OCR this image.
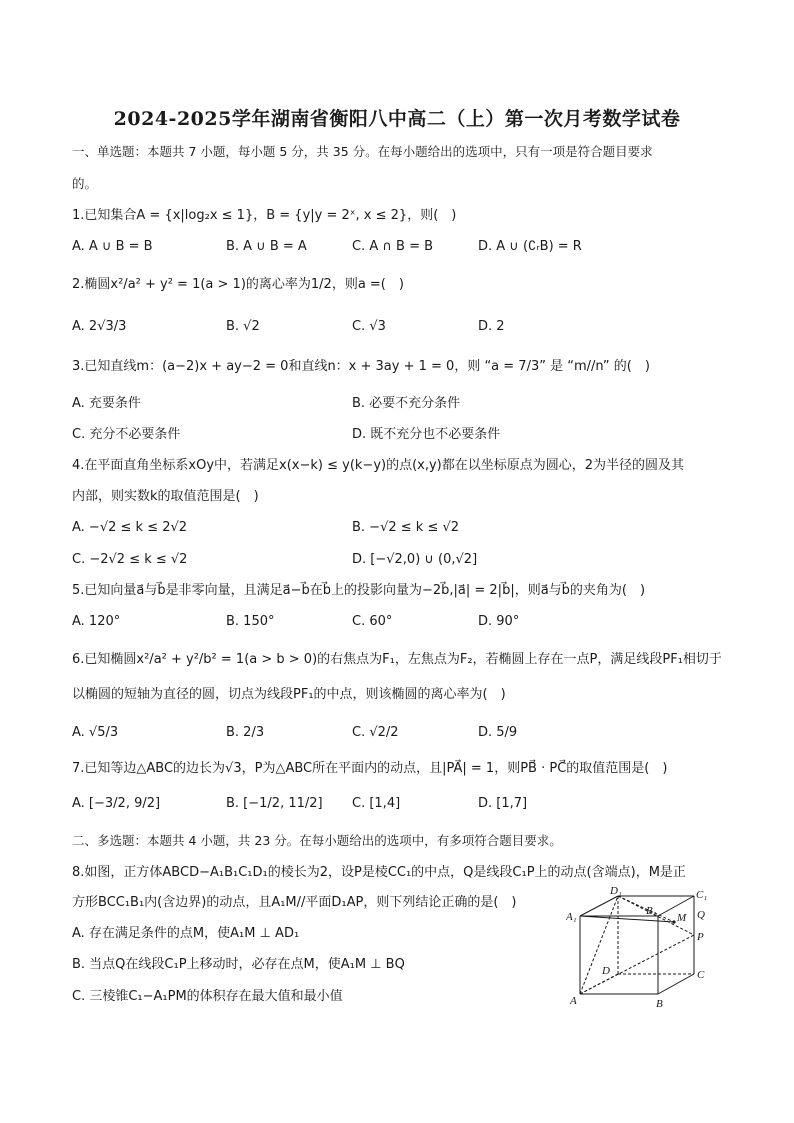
2024-2025学年湖南省衡阳八中高二（上）第一次月考数学试卷
一、单选题：本题共 7 小题，每小题 5 分，共 35 分。在每小题给出的选项中，只有一项是符合题目要求
的。
1.已知集合A = {x|log₂x ≤ 1}，B = {y|y = 2ˣ, x ≤ 2}，则(　)
A. A ∪ B = B	B. A ∪ B = A	C. A ∩ B = B	D. A ∪ (∁ᵣB) = R
2.椭圆x²/a² + y² = 1(a > 1)的离心率为1/2，则a =(　)
A. 2√3/3	B. √2	C. √3	D. 2
3.已知直线m：(a−2)x + ay−2 = 0和直线n：x + 3ay + 1 = 0，则 “a = 7/3” 是 “m//n” 的(　)
A. 充要条件	B. 必要不充分条件
C. 充分不必要条件	D. 既不充分也不必要条件
4.在平面直角坐标系xOy中，若满足x(x−k) ≤ y(k−y)的点(x,y)都在以坐标原点为圆心，2为半径的圆及其
内部，则实数k的取值范围是(　)
A. −√2 ≤ k ≤ 2√2	B. −√2 ≤ k ≤ √2
C. −2√2 ≤ k ≤ √2	D. [−√2,0) ∪ (0,√2]
5.已知向量a⃗与b⃗是非零向量，且满足a⃗−b⃗在b⃗上的投影向量为−2b⃗,|a⃗| = 2|b⃗|，则a⃗与b⃗的夹角为(　)
A. 120°	B. 150°	C. 60°	D. 90°
6.已知椭圆x²/a² + y²/b² = 1(a > b > 0)的右焦点为F₁，左焦点为F₂，若椭圆上存在一点P，满足线段PF₁相切于
以椭圆的短轴为直径的圆，切点为线段PF₁的中点，则该椭圆的离心率为(　)
A. √5/3	B. 2/3	C. √2/2	D. 5/9
7.已知等边△ABC的边长为√3，P为△ABC所在平面内的动点，且|PA⃗| = 1，则PB⃗ · PC⃗的取值范围是(　)
A. [−3/2, 9/2]	B. [−1/2, 11/2] C. [1,4]	D. [1,7]
二、多选题：本题共 4 小题，共 23 分。在每小题给出的选项中，有多项符合题目要求。
8.如图，正方体ABCD−A₁B₁C₁D₁的棱长为2，设P是棱CC₁的中点，Q是线段C₁P上的动点(含端点)，M是正
方形BCC₁B₁内(含边界)的动点，且A₁M//平面D₁AP，则下列结论正确的是(　)
A. 存在满足条件的点M，使A₁M ⊥ AD₁
B. 当点Q在线段C₁P上移动时，必存在点M，使A₁M ⊥ BQ
C. 三棱锥C₁−A₁PM的体积存在最大值和最小值	A	B
C
D
A₁	B₁
C₁
D₁
M
P
Q
